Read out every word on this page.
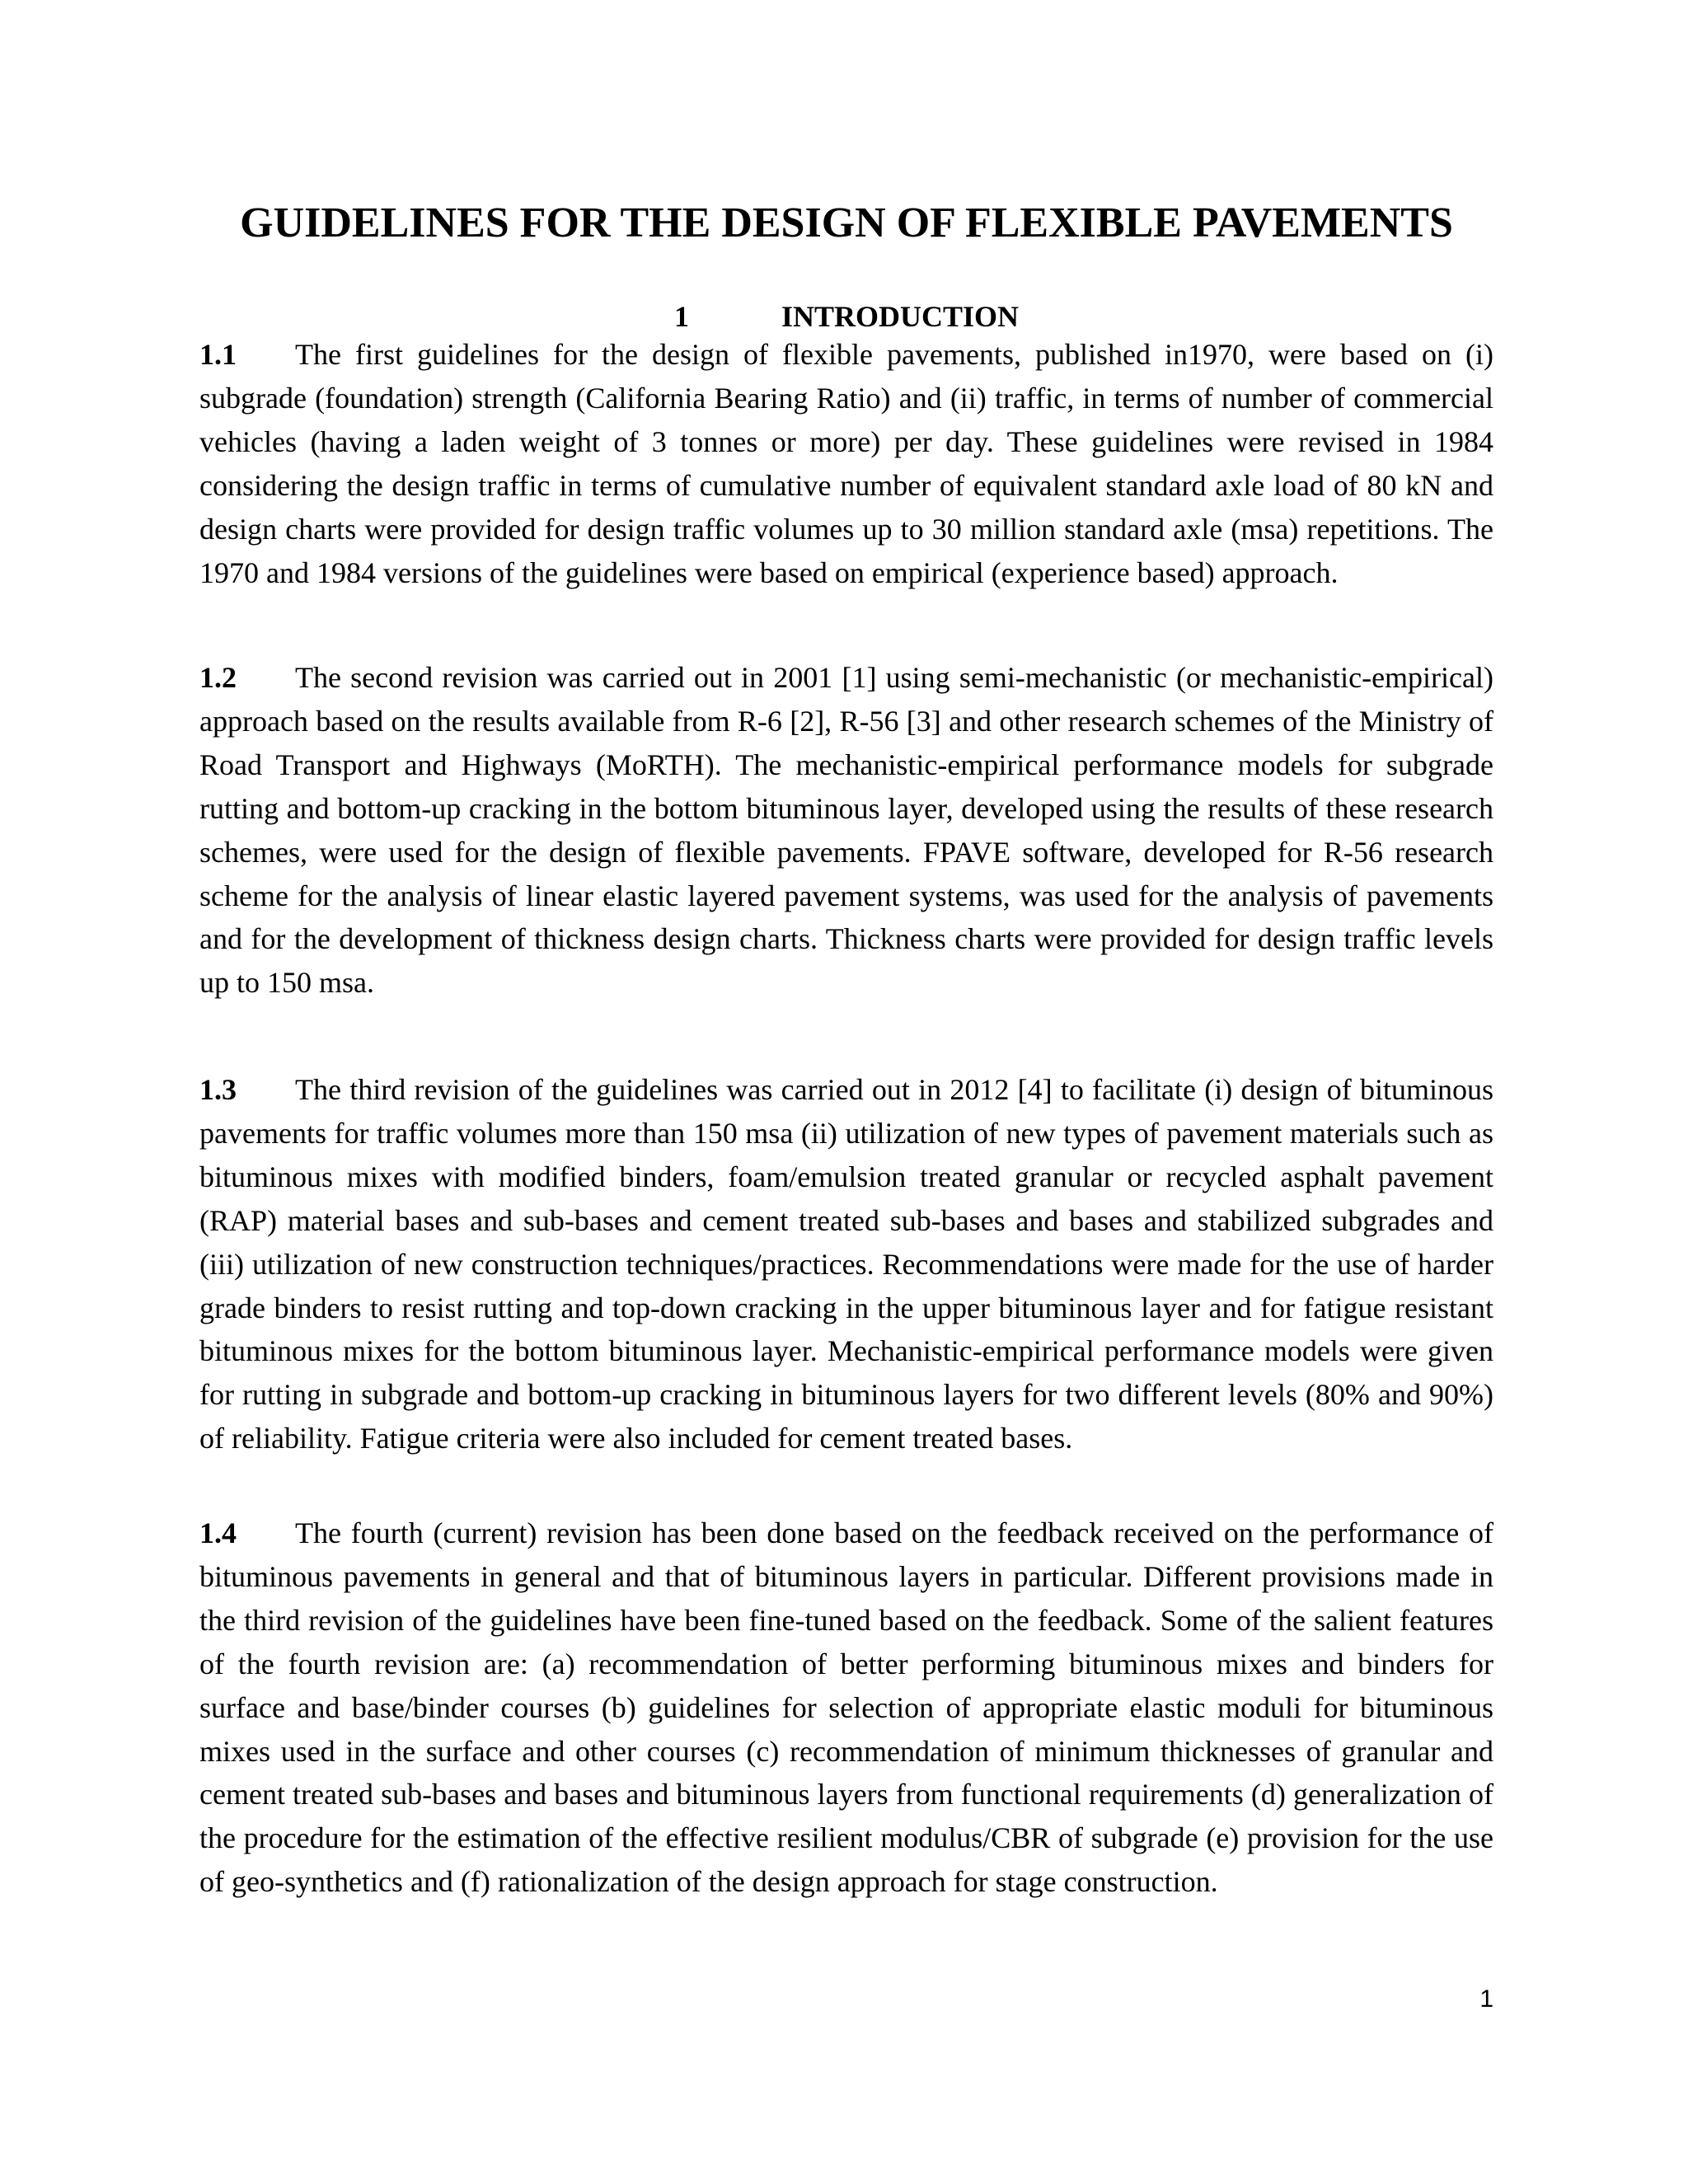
GUIDELINES FOR THE DESIGN OF FLEXIBLE PAVEMENTS
1	INTRODUCTION

1.1 The first guidelines for the design of flexible pavements, published in1970, were based on (i) subgrade (foundation) strength (California Bearing Ratio) and (ii) traffic, in terms of number of commercial vehicles (having a laden weight of 3 tonnes or more) per day. These guidelines were revised in 1984 considering the design traffic in terms of cumulative number of equivalent standard axle load of 80 kN and design charts were provided for design traffic volumes up to 30 million standard axle (msa) repetitions. The 1970 and 1984 versions of the guidelines were based on empirical (experience based) approach.

1.2 The second revision was carried out in 2001 [1] using semi-mechanistic (or mechanistic-empirical) approach based on the results available from R-6 [2], R-56 [3] and other research schemes of the Ministry of Road Transport and Highways (MoRTH). The mechanistic-empirical performance models for subgrade rutting and bottom-up cracking in the bottom bituminous layer, developed using the results of these research schemes, were used for the design of flexible pavements. FPAVE software, developed for R-56 research scheme for the analysis of linear elastic layered pavement systems, was used for the analysis of pavements and for the development of thickness design charts. Thickness charts were provided for design traffic levels up to 150 msa.

1.3 The third revision of the guidelines was carried out in 2012 [4] to facilitate (i) design of bituminous pavements for traffic volumes more than 150 msa (ii) utilization of new types of pavement materials such as bituminous mixes with modified binders, foam/emulsion treated granular or recycled asphalt pavement (RAP) material bases and sub-bases and cement treated sub-bases and bases and stabilized subgrades and (iii) utilization of new construction techniques/practices. Recommendations were made for the use of harder grade binders to resist rutting and top-down cracking in the upper bituminous layer and for fatigue resistant bituminous mixes for the bottom bituminous layer. Mechanistic-empirical performance models were given for rutting in subgrade and bottom-up cracking in bituminous layers for two different levels (80% and 90%) of reliability. Fatigue criteria were also included for cement treated bases.

1.4 The fourth (current) revision has been done based on the feedback received on the performance of bituminous pavements in general and that of bituminous layers in particular. Different provisions made in the third revision of the guidelines have been fine-tuned based on the feedback. Some of the salient features of the fourth revision are: (a) recommendation of better performing bituminous mixes and binders for surface and base/binder courses (b) guidelines for selection of appropriate elastic moduli for bituminous mixes used in the surface and other courses (c) recommendation of minimum thicknesses of granular and cement treated sub-bases and bases and bituminous layers from functional requirements (d) generalization of the procedure for the estimation of the effective resilient modulus/CBR of subgrade (e) provision for the use of geo-synthetics and (f) rationalization of the design approach for stage construction.

1
